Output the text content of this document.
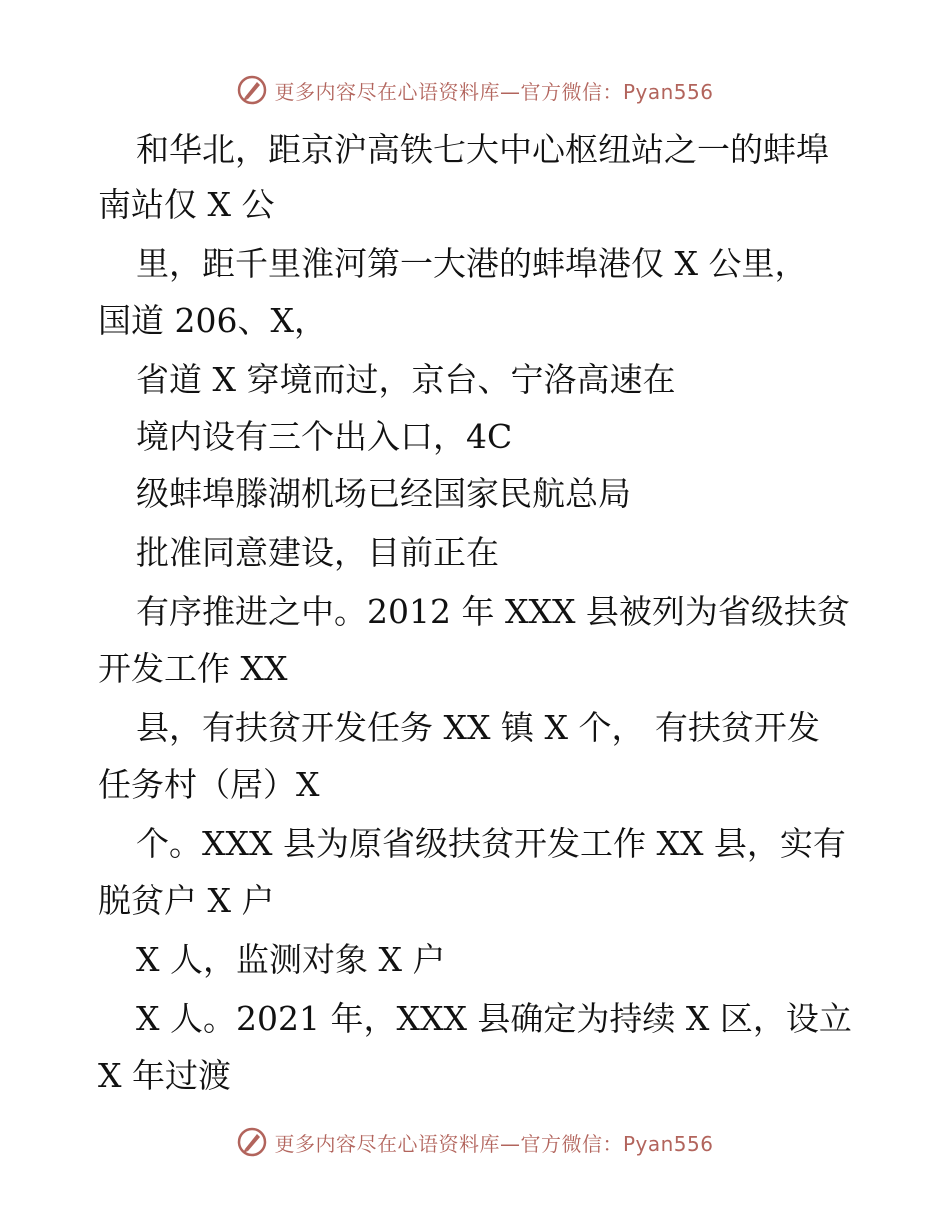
更多内容尽在心语资料库—官方微信：Pyan556
和华北，距京沪高铁七大中心枢纽站之一的蚌埠
南站仅 X 公
里，距千里淮河第一大港的蚌埠港仅 X 公里，
国道 206、X，
省道 X 穿境而过，京台、宁洛高速在
境内设有三个出入口，4C
级蚌埠滕湖机场已经国家民航总局
批准同意建设，目前正在
有序推进之中。2012 年 XXX 县被列为省级扶贫
开发工作 XX
县，有扶贫开发任务 XX 镇 X 个， 有扶贫开发
任务村（居）X
个。XXX 县为原省级扶贫开发工作 XX 县，实有
脱贫户 X 户
X 人，监测对象 X 户
X 人。2021 年，XXX 县确定为持续 X 区，设立
X 年过渡
更多内容尽在心语资料库—官方微信：Pyan556
